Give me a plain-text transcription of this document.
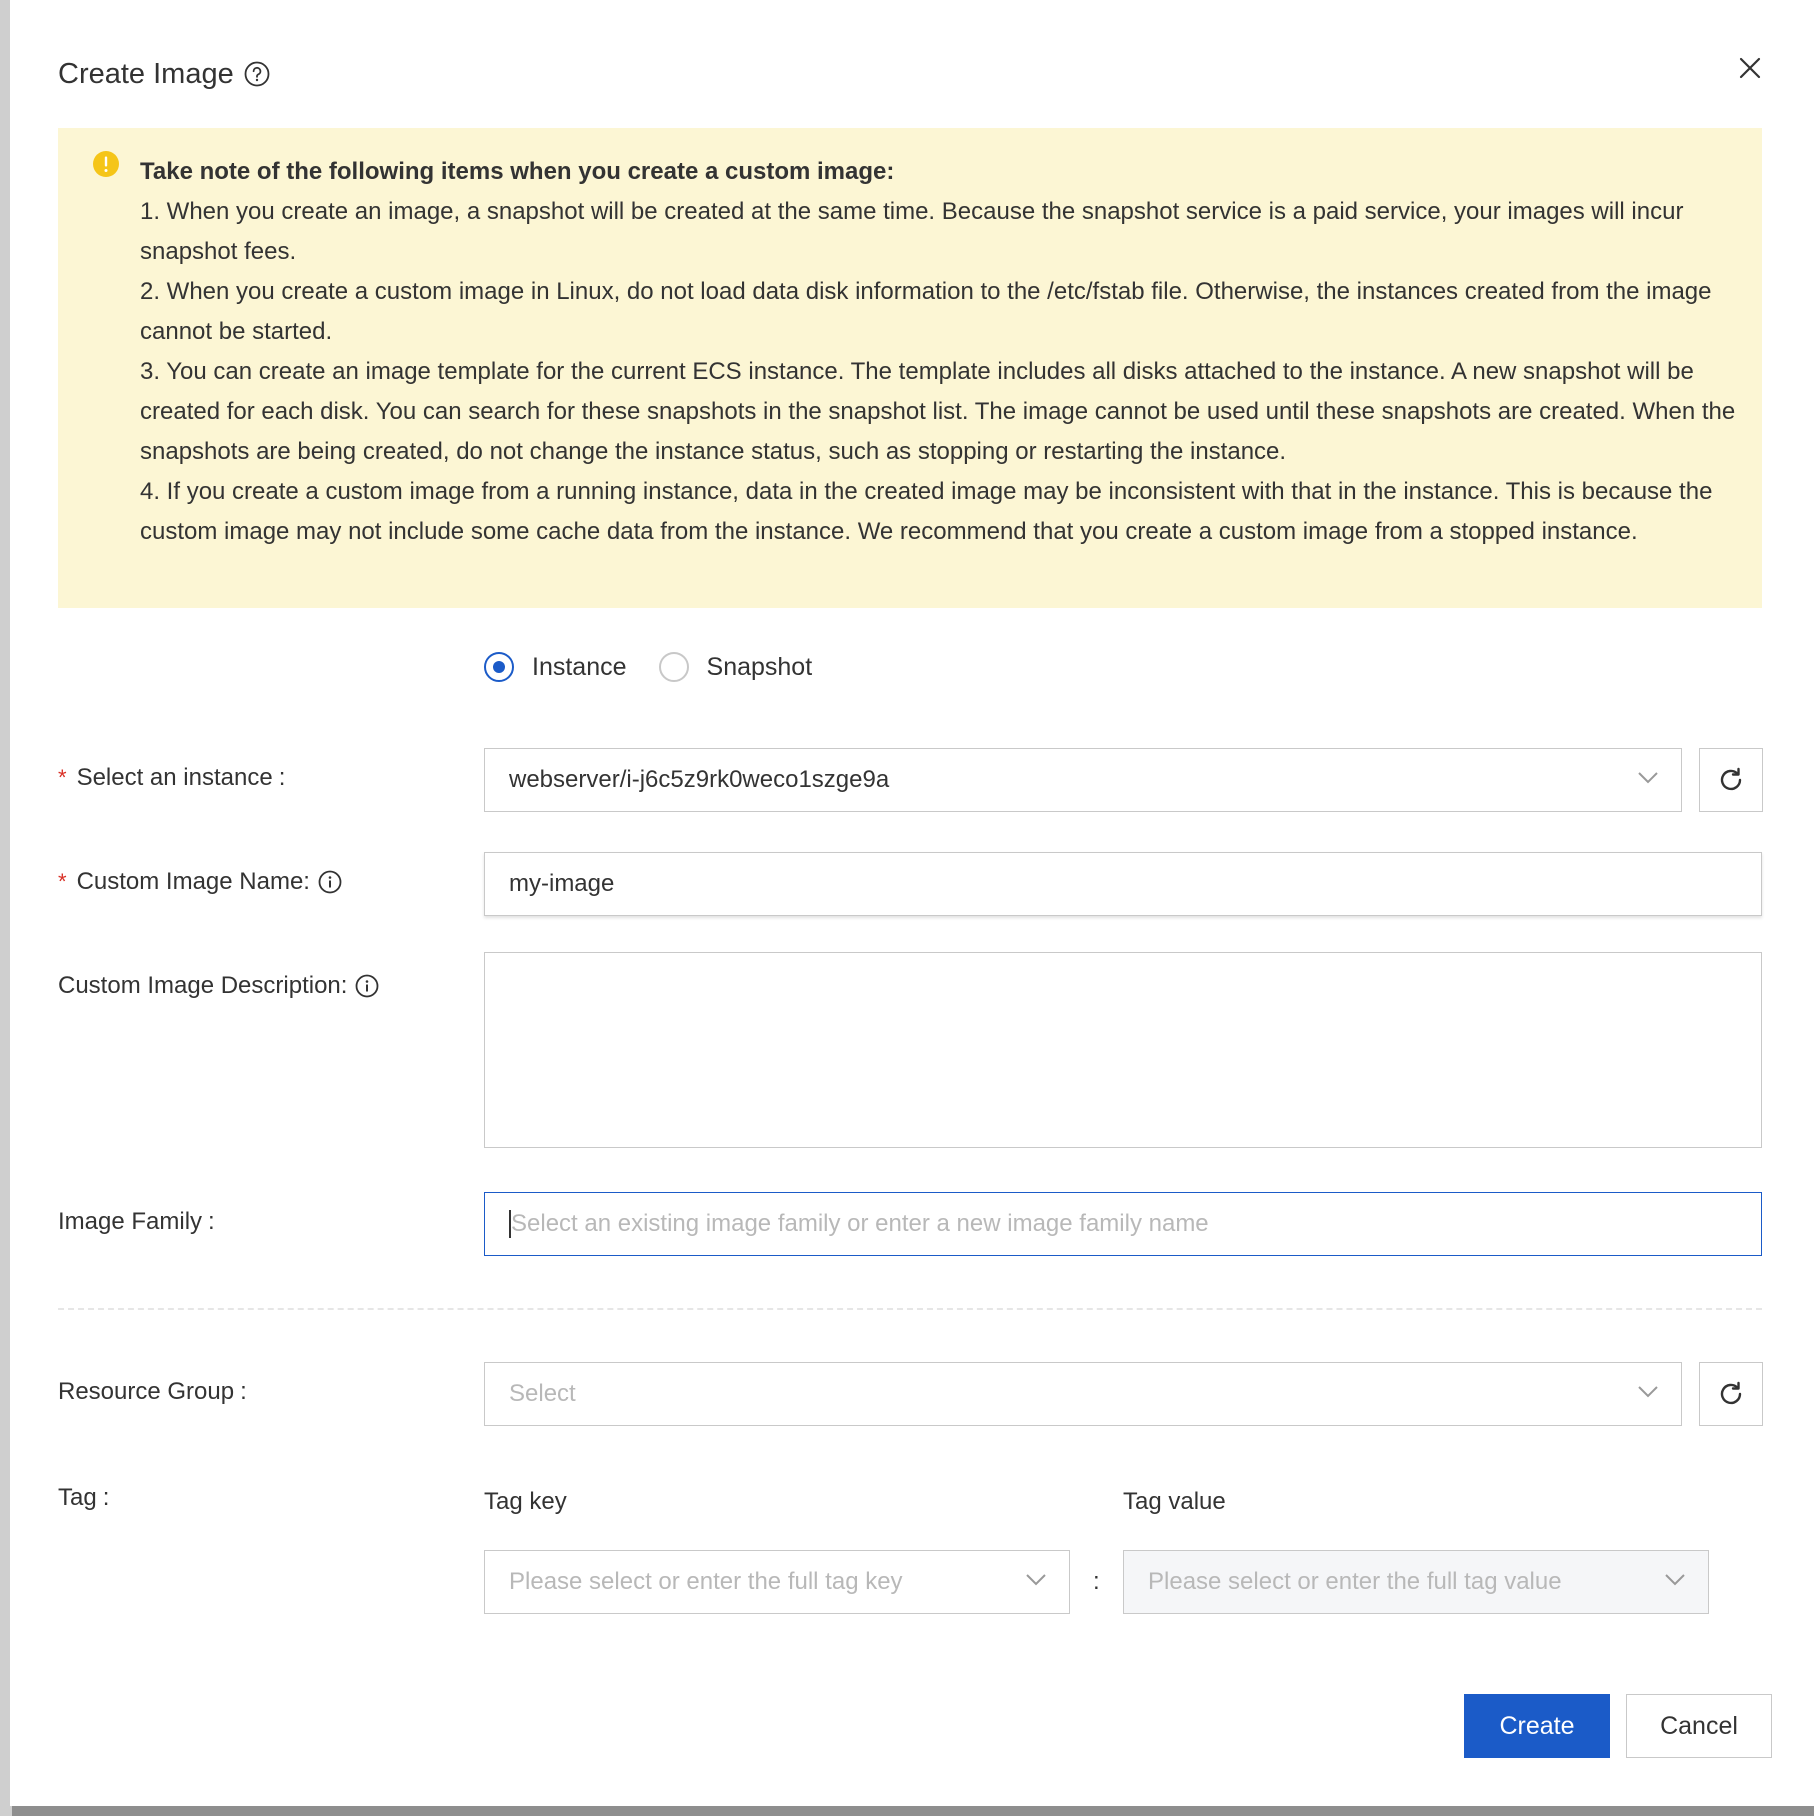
Create Image
Take note of the following items when you create a custom image:
1. When you create an image, a snapshot will be created at the same time. Because the snapshot service is a paid service, your images will incur snapshot fees.
2. When you create a custom image in Linux, do not load data disk information to the /etc/fstab file. Otherwise, the instances created from the image cannot be started.
3. You can create an image template for the current ECS instance. The template includes all disks attached to the instance. A new snapshot will be created for each disk. You can search for these snapshots in the snapshot list. The image cannot be used until these snapshots are created. When the snapshots are being created, do not change the instance status, such as stopping or restarting the instance.
4. If you create a custom image from a running instance, data in the created image may be inconsistent with that in the instance. This is because the custom image may not include some cache data from the instance. We recommend that you create a custom image from a stopped instance.
Instance	Snapshot
* Select an instance :	webserver/i-j6c5z9rk0weco1szge9a
* Custom Image Name:	my-image
Custom Image Description:
Image Family :	Select an existing image family or enter a new image family name
Resource Group :	Select
Tag :	Tag key	Tag value
Please select or enter the full tag key	: Please select or enter the full tag value
Create	Cancel
